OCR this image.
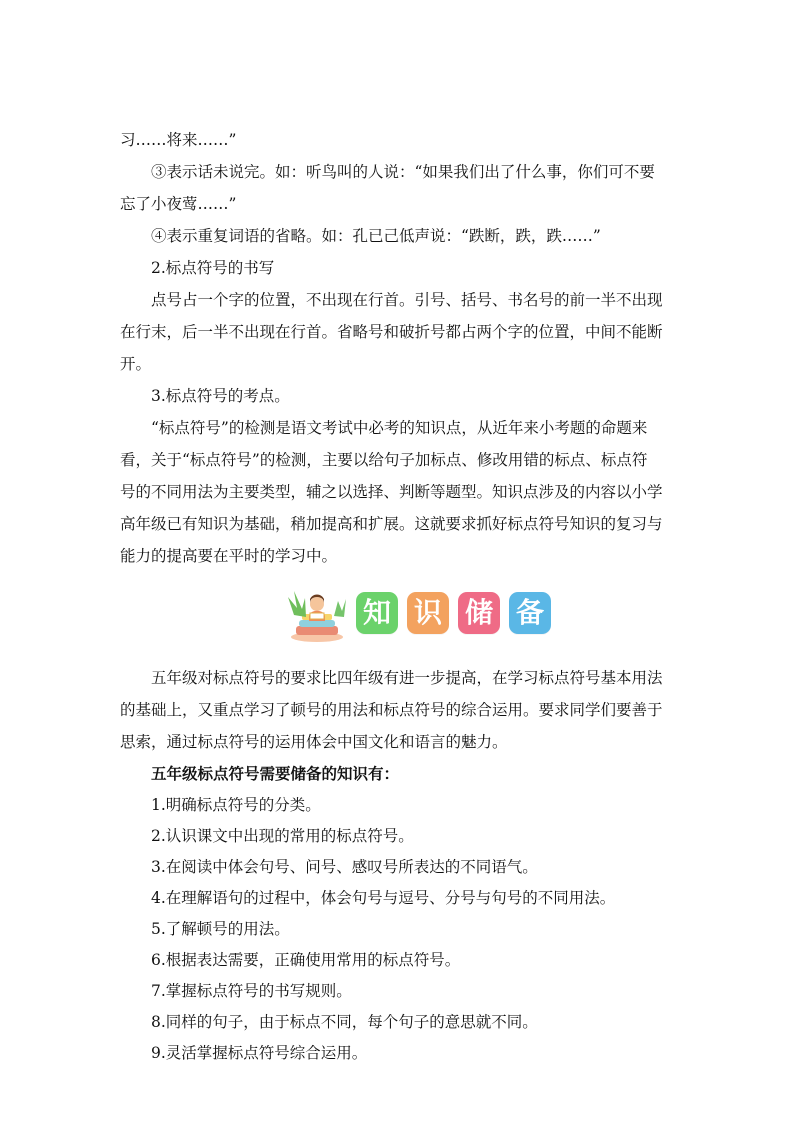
习……将来……”

③表示话未说完。如：听鸟叫的人说：“如果我们出了什么事，你们可不要

忘了小夜莺……”

④表示重复词语的省略。如：孔已己低声说：“跌断，跌，跌……”

2.标点符号的书写

点号占一个字的位置，不出现在行首。引号、括号、书名号的前一半不出现

在行末，后一半不出现在行首。省略号和破折号都占两个字的位置，中间不能断

开。

3.标点符号的考点。

“标点符号”的检测是语文考试中必考的知识点，从近年来小考题的命题来

看，关于“标点符号”的检测，主要以给句子加标点、修改用错的标点、标点符

号的不同用法为主要类型，辅之以选择、判断等题型。知识点涉及的内容以小学

高年级已有知识为基础，稍加提高和扩展。这就要求抓好标点符号知识的复习与

能力的提高要在平时的学习中。

知 识 储 备

五年级对标点符号的要求比四年级有进一步提高，在学习标点符号基本用法

的基础上，又重点学习了顿号的用法和标点符号的综合运用。要求同学们要善于

思索，通过标点符号的运用体会中国文化和语言的魅力。

五年级标点符号需要储备的知识有：

1.明确标点符号的分类。
2.认识课文中出现的常用的标点符号。
3.在阅读中体会句号、问号、感叹号所表达的不同语气。
4.在理解语句的过程中，体会句号与逗号、分号与句号的不同用法。
5.了解顿号的用法。
6.根据表达需要，正确使用常用的标点符号。
7.掌握标点符号的书写规则。
8.同样的句子，由于标点不同，每个句子的意思就不同。
9.灵活掌握标点符号综合运用。
